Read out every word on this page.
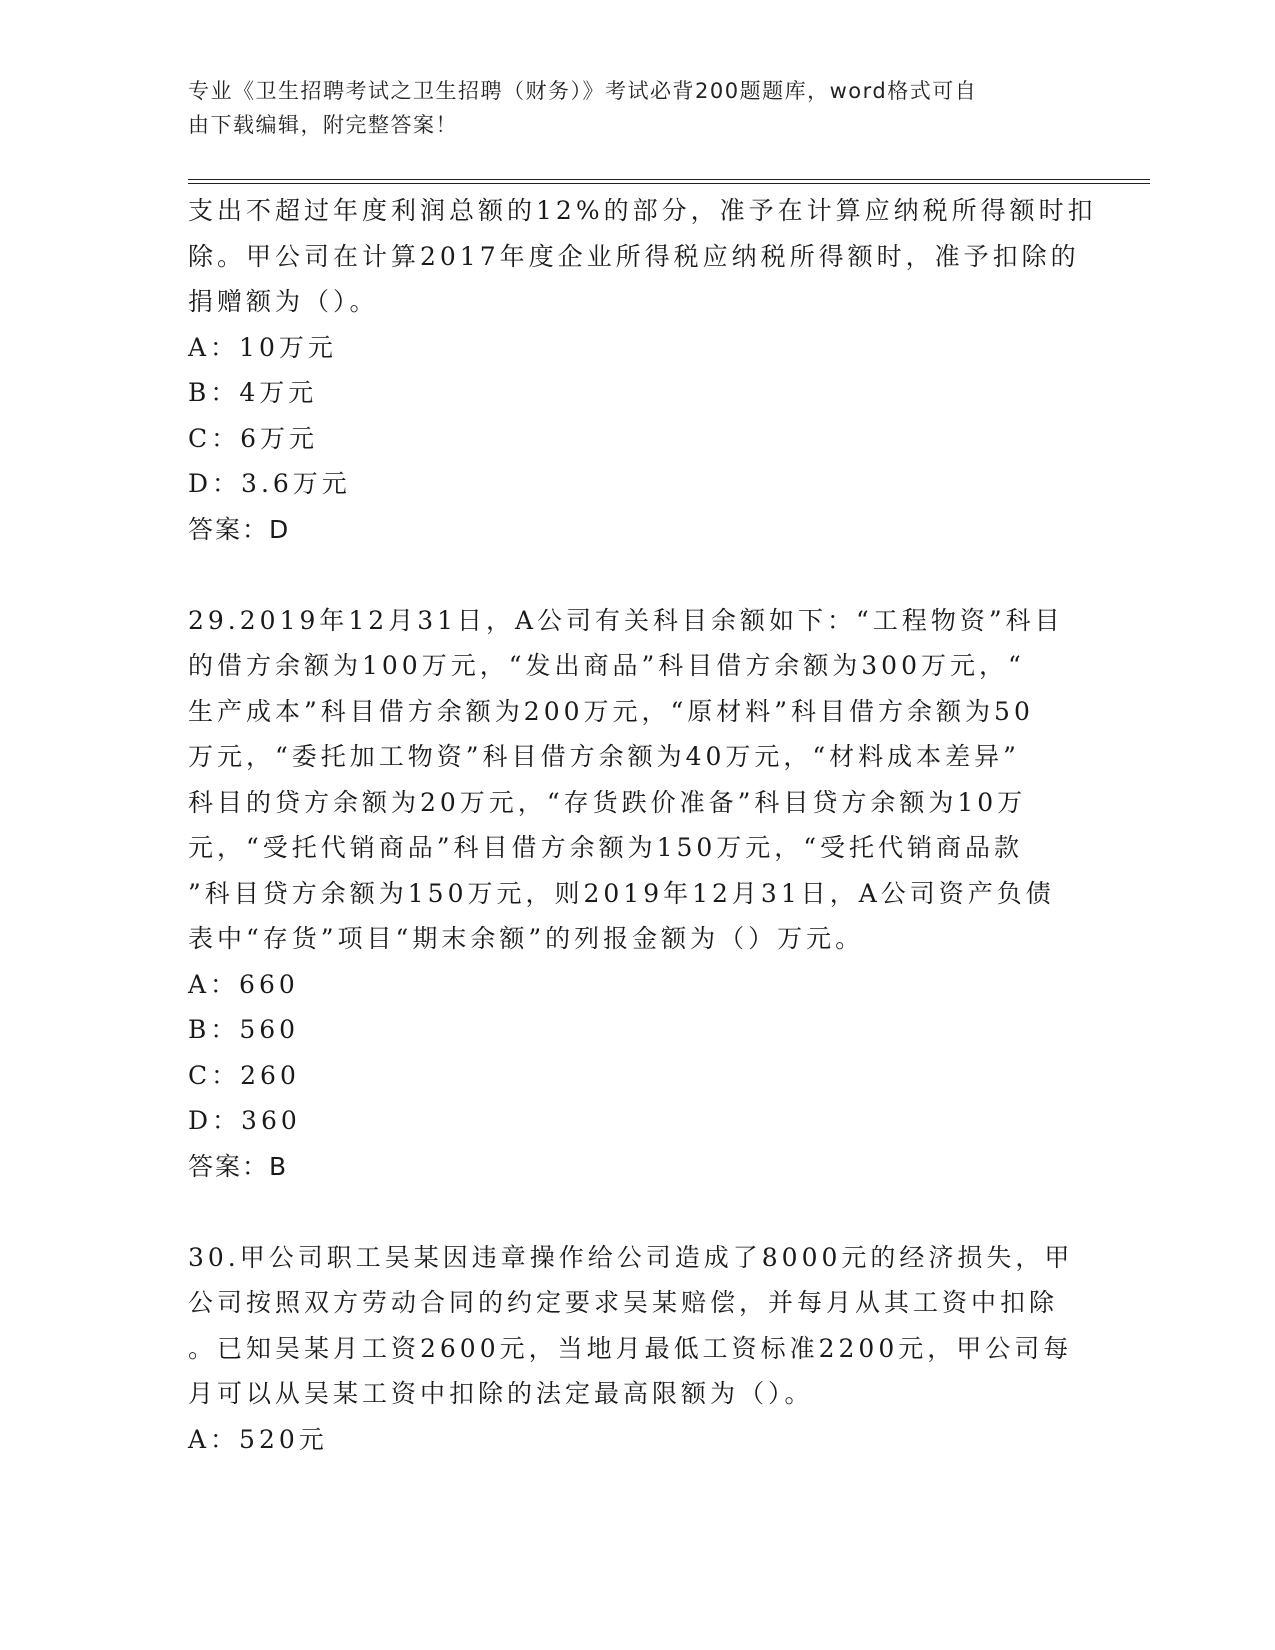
专业《卫生招聘考试之卫生招聘（财务）》考试必背200题题库，word格式可自
由下载编辑，附完整答案！

支出不超过年度利润总额的12%的部分，准予在计算应纳税所得额时扣

除。甲公司在计算2017年度企业所得税应纳税所得额时，准予扣除的

捐赠额为（）。

A：10万元

B：4万元

C：6万元

D：3.6万元

答案：D

29.2019年12月31日，A公司有关科目余额如下：“工程物资”科目

的借方余额为100万元，“发出商品”科目借方余额为300万元，“

生产成本”科目借方余额为200万元，“原材料”科目借方余额为50

万元，“委托加工物资”科目借方余额为40万元，“材料成本差异”

科目的贷方余额为20万元，“存货跌价准备”科目贷方余额为10万

元，“受托代销商品”科目借方余额为150万元，“受托代销商品款

”科目贷方余额为150万元，则2019年12月31日，A公司资产负债

表中“存货”项目“期末余额”的列报金额为（）万元。

A：660

B：560

C：260

D：360

答案：B

30.甲公司职工吴某因违章操作给公司造成了8000元的经济损失，甲

公司按照双方劳动合同的约定要求吴某赔偿，并每月从其工资中扣除

。已知吴某月工资2600元，当地月最低工资标准2200元，甲公司每

月可以从吴某工资中扣除的法定最高限额为（）。

A：520元
